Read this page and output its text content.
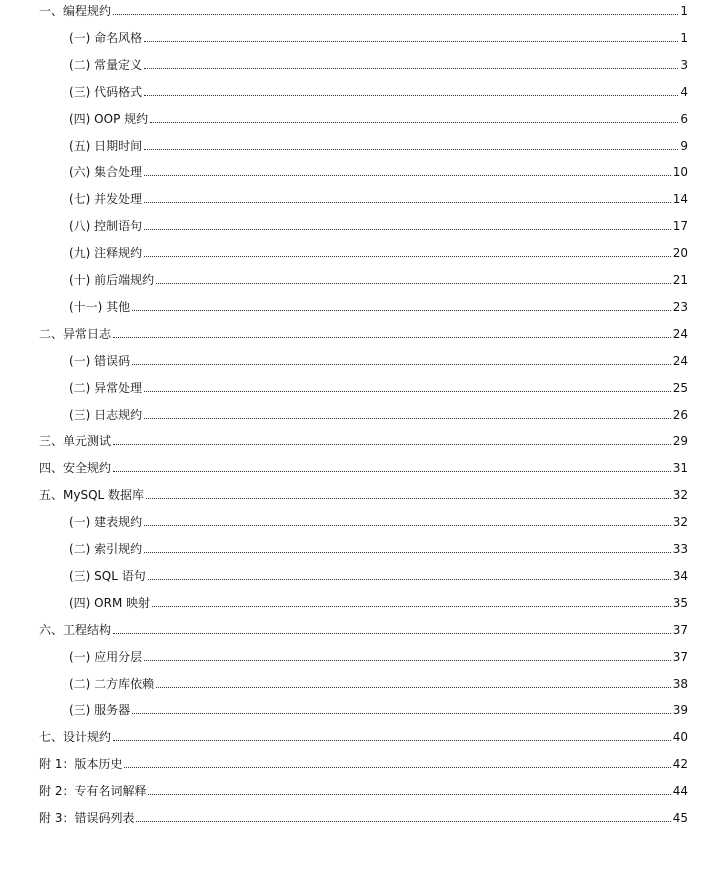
一、编程规约	1
(一) 命名风格	1
(二) 常量定义	3
(三) 代码格式	4
(四) OOP 规约	6
(五) 日期时间	9
(六) 集合处理	10
(七) 并发处理	14
(八) 控制语句	17
(九) 注释规约	20
(十) 前后端规约	21
(十一) 其他	23
二、异常日志	24
(一) 错误码	24
(二) 异常处理	25
(三) 日志规约	26
三、单元测试	29
四、安全规约	31
五、MySQL 数据库	32
(一) 建表规约	32
(二) 索引规约	33
(三) SQL 语句	34
(四) ORM 映射	35
六、工程结构	37
(一) 应用分层	37
(二) 二方库依赖	38
(三) 服务器	39
七、设计规约	40
附 1：版本历史	42
附 2：专有名词解释	44
附 3：错误码列表	45
